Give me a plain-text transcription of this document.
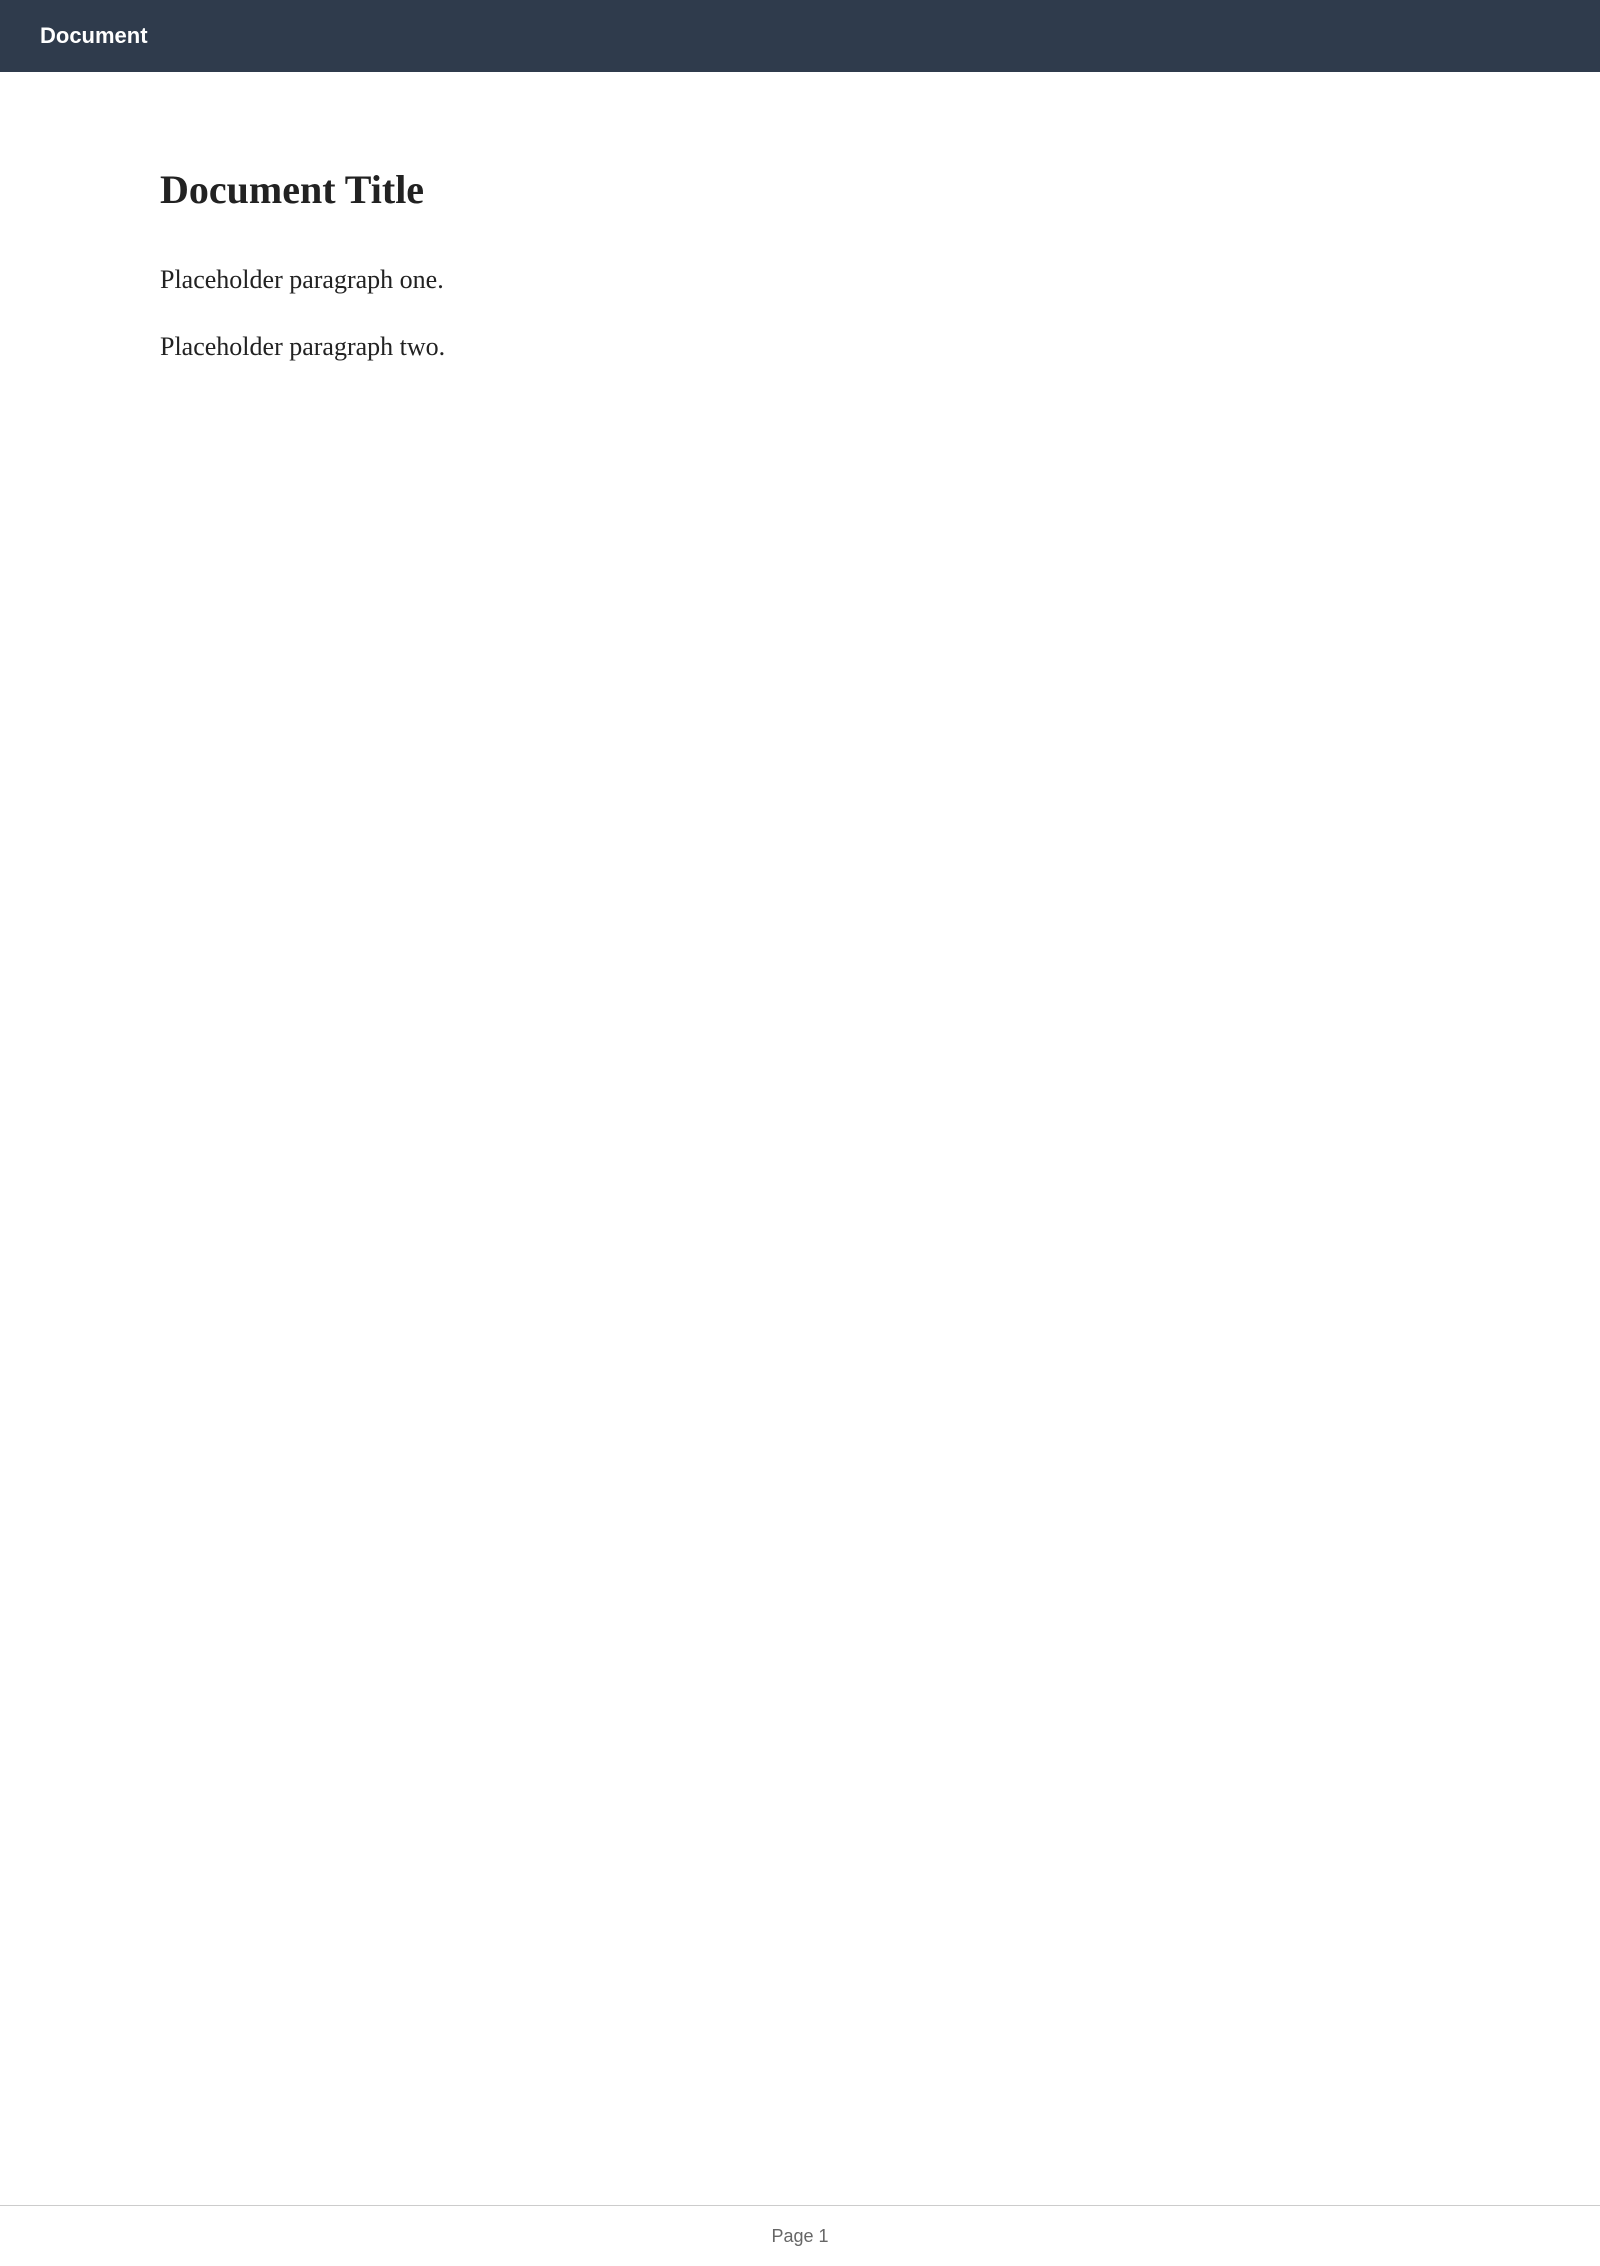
Document
Document Title

Placeholder paragraph one.

Placeholder paragraph two.

Page 1
